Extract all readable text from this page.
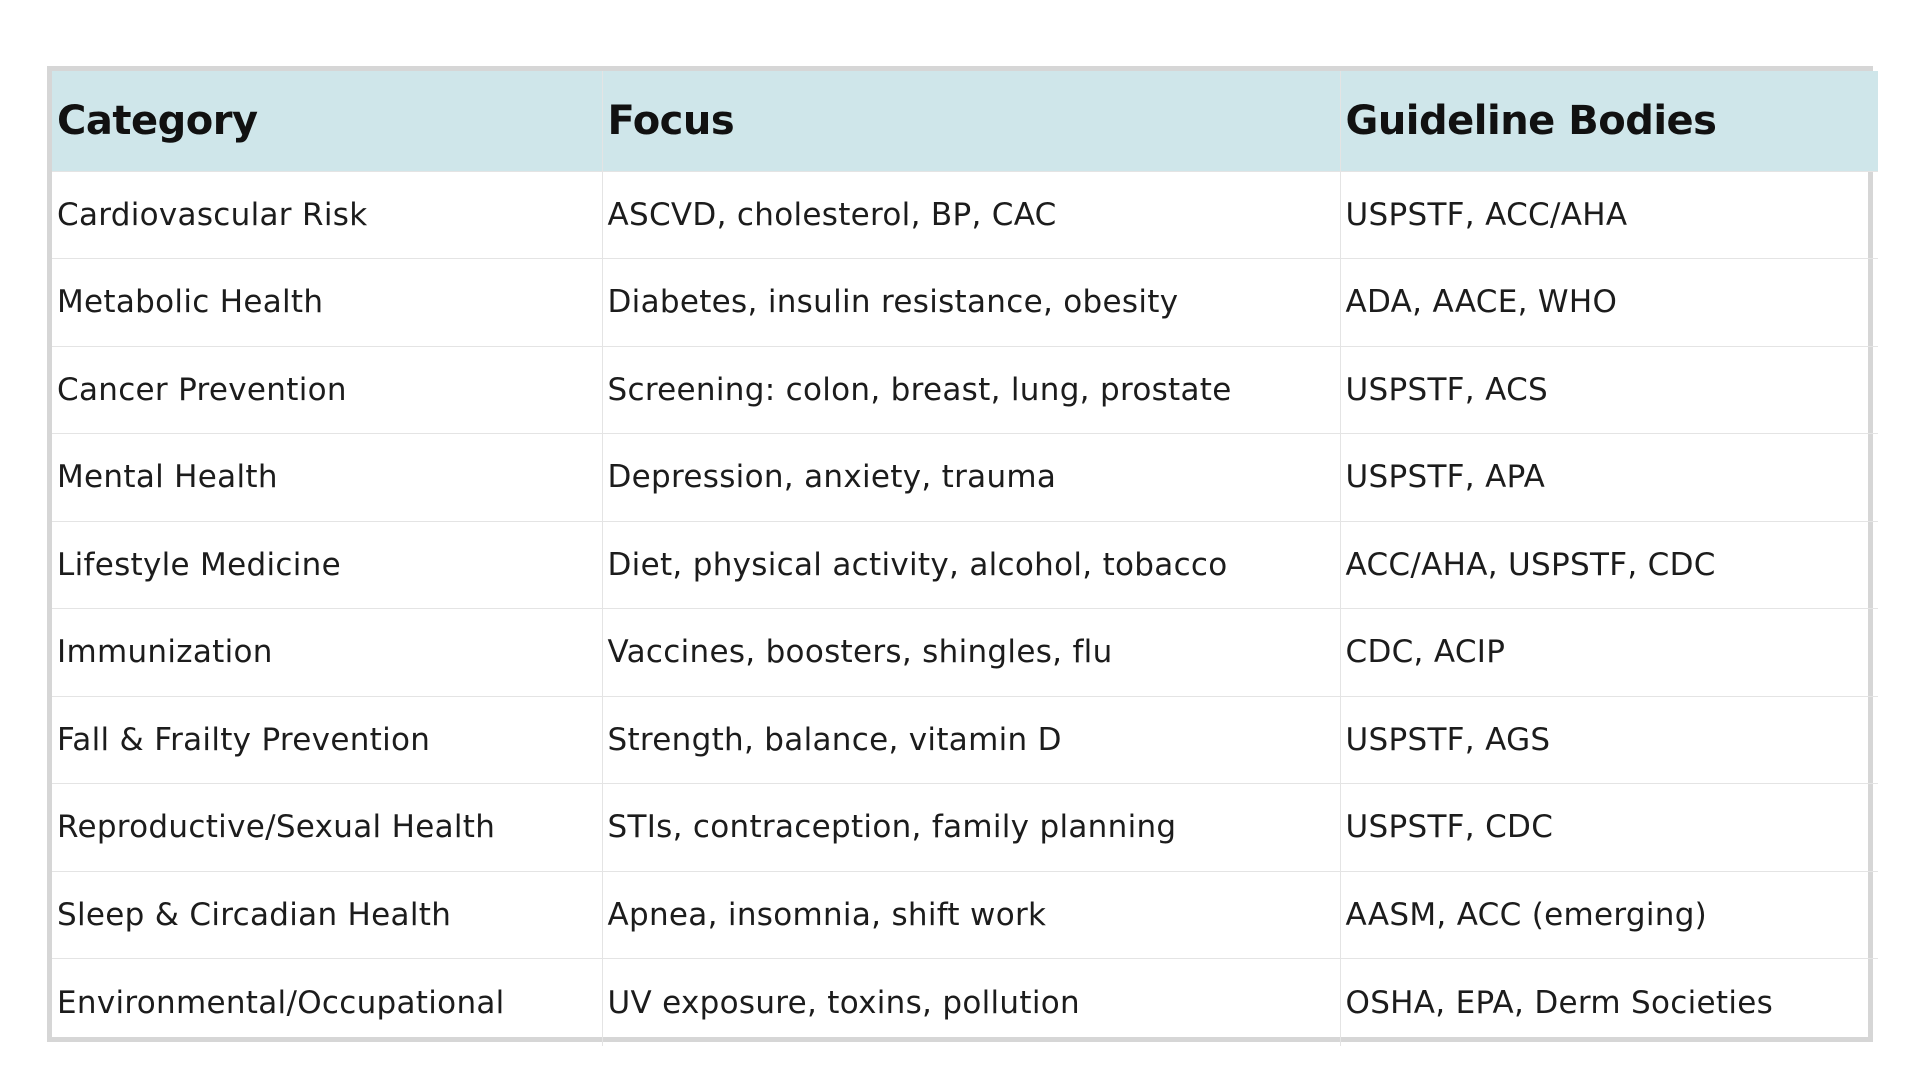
Category	Focus	Guideline Bodies
Cardiovascular Risk	ASCVD, cholesterol, BP, CAC	USPSTF, ACC/AHA
Metabolic Health	Diabetes, insulin resistance, obesity	ADA, AACE, WHO
Cancer Prevention	Screening: colon, breast, lung, prostate	USPSTF, ACS
Mental Health	Depression, anxiety, trauma	USPSTF, APA
Lifestyle Medicine	Diet, physical activity, alcohol, tobacco	ACC/AHA, USPSTF, CDC
Immunization	Vaccines, boosters, shingles, flu	CDC, ACIP
Fall & Frailty Prevention	Strength, balance, vitamin D	USPSTF, AGS
Reproductive/Sexual Health	STIs, contraception, family planning	USPSTF, CDC
Sleep & Circadian Health	Apnea, insomnia, shift work	AASM, ACC (emerging)
Environmental/Occupational	UV exposure, toxins, pollution	OSHA, EPA, Derm Societies
